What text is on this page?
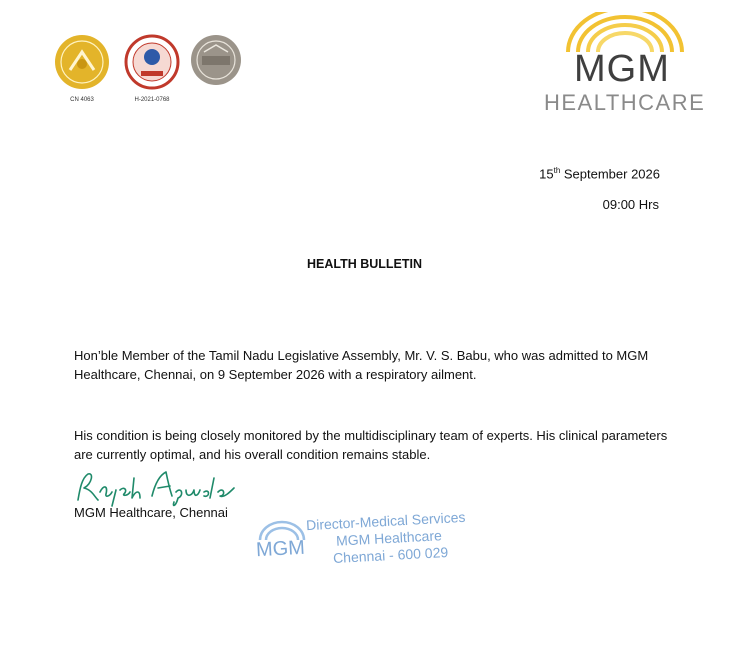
CN 4063	H-2021-0768
MGM
HEALTHCARE
15th September 2026
09:00 Hrs
HEALTH BULLETIN
Hon’ble Member of the Tamil Nadu Legislative Assembly, Mr. V. S. Babu, who was admitted to MGM Healthcare, Chennai, on 9 September 2026 with a respiratory ailment.
His condition is being closely monitored by the multidisciplinary team of experts. His clinical parameters are currently optimal, and his overall condition remains stable.
MGM Healthcare, Chennai
MGM
Director-Medical Services
MGM Healthcare
Chennai - 600 029
